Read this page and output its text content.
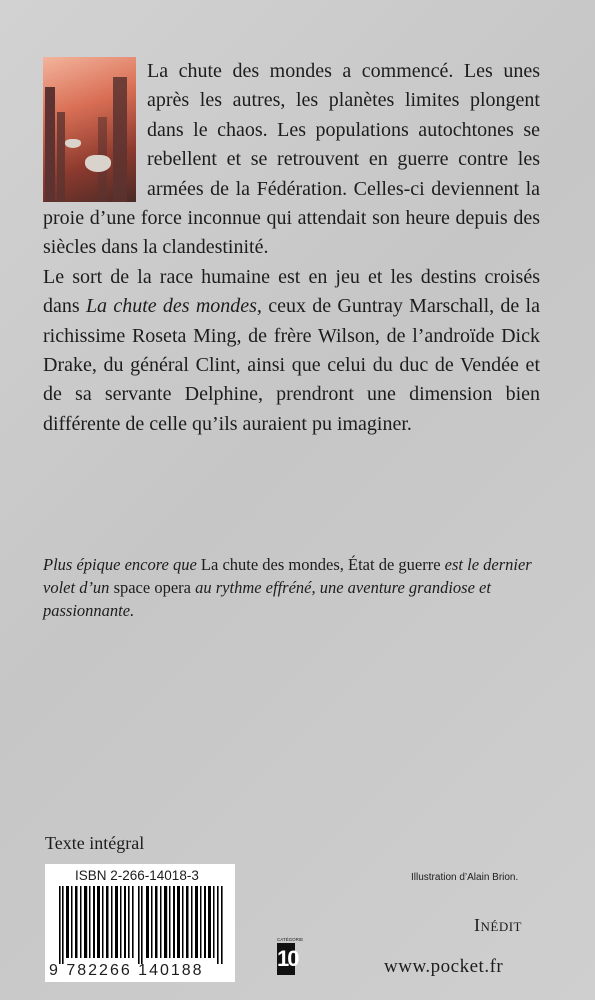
La chute des mondes a commencé. Les unes après les autres, les planètes limites plongent dans le chaos. Les populations autochtones se rebellent et se retrouvent en guerre contre les armées de la Fédération. Celles-ci deviennent la proie d’une force inconnue qui attendait son heure depuis des siècles dans la clandestinité.

Le sort de la race humaine est en jeu et les destins croisés dans La chute des mondes, ceux de Guntray Marschall, de la richissime Roseta Ming, de frère Wilson, de l’androïde Dick Drake, du général Clint, ainsi que celui du duc de Vendée et de sa servante Delphine, prendront une dimension bien différente de celle qu’ils auraient pu imaginer.

Plus épique encore que La chute des mondes, État de guerre est le dernier volet d’un space opera au rythme effréné, une aventure grandiose et passionnante.

Texte intégral
ISBN 2-266-14018-3
9 782266 140188
Illustration d’Alain Brion.
CATÉGORIE
10
Inédit
www.pocket.fr
